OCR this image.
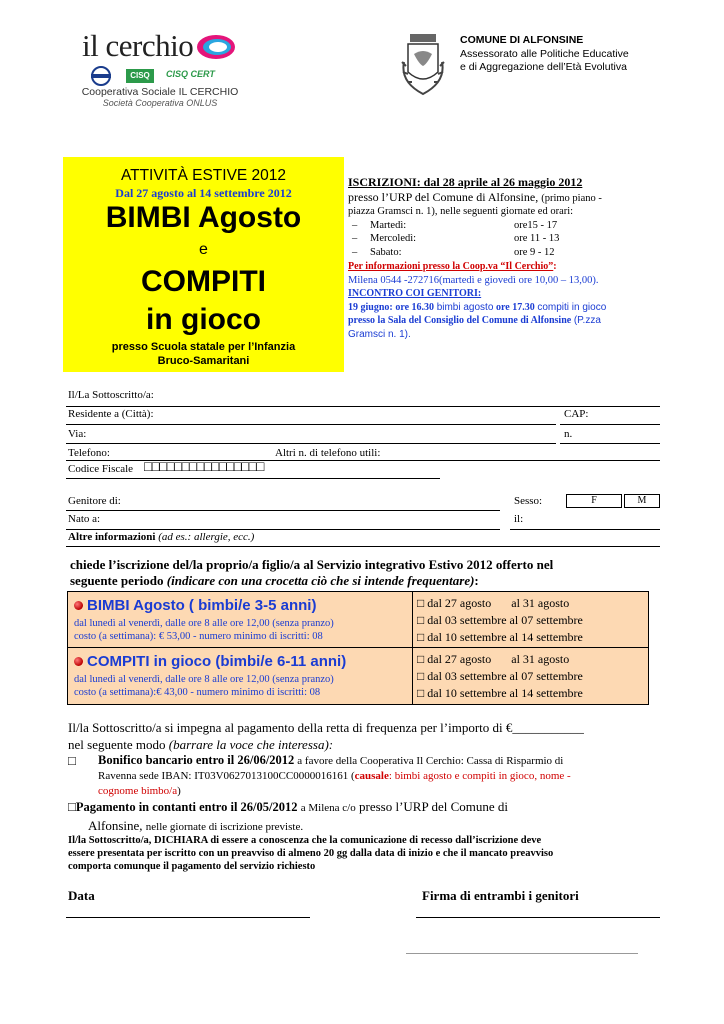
il cerchio
CISQ	CISQ CERT
Cooperativa Sociale IL CERCHIO
Società Cooperativa ONLUS
COMUNE DI ALFONSINE
Assessorato alle Politiche Educative
e di Aggregazione dell’Età Evolutiva
ATTIVITÀ ESTIVE 2012
Dal 27 agosto al 14 settembre 2012
BIMBI Agosto
e
COMPITI
in gioco
presso Scuola statale per l’Infanzia
Bruco-Samaritani
ISCRIZIONI: dal 28 aprile al 26 maggio 2012
presso l’URP del Comune di Alfonsine, (primo piano -
piazza Gramsci n. 1), nelle seguenti giornate ed orari:
– Martedì:	ore15 - 17
– Mercoledì:	ore 11 - 13
– Sabato:	ore 9 - 12
Per informazioni presso la Coop.va “Il Cerchio”:
Milena 0544 -272716(martedì e giovedì ore 10,00 – 13,00).
INCONTRO COI GENITORI:
19 giugno: ore 16.30 bimbi agosto ore 17.30 compiti in gioco
presso la Sala del Consiglio del Comune di Alfonsine (P.zza
Gramsci n. 1).
Il/La Sottoscritto/a:
Residente a (Città):	CAP:
Via:	n.
Telefono:	Altri n. di telefono utili:
Codice Fiscale □□□□□□□□□□□□□□□□
Genitore di:	Sesso:	F	M
Nato a:	il:
Altre informazioni (ad es.: allergie, ecc.)
chiede l’iscrizione del/la proprio/a figlio/a al Servizio integrativo Estivo 2012 offerto nel
seguente periodo (indicare con una crocetta ciò che si intende frequentare):
BIMBI Agosto ( bimbi/e 3-5 anni)
dal lunedì al venerdì, dalle ore 8 alle ore 12,00 (senza pranzo)
costo (a settimana): € 53,00 - numero minimo di iscritti: 08
□ dal 27 agosto al 31 agosto
□ dal 03 settembre al 07 settembre
□ dal 10 settembre al 14 settembre
COMPITI in gioco (bimbi/e 6-11 anni)
dal lunedì al venerdì, dalle ore 8 alle ore 12,00 (senza pranzo)
costo (a settimana):€ 43,00 - numero minimo di iscritti: 08
□ dal 27 agosto al 31 agosto
□ dal 03 settembre al 07 settembre
□ dal 10 settembre al 14 settembre
Il/la Sottoscritto/a si impegna al pagamento della retta di frequenza per l’importo di €___________
nel seguente modo (barrare la voce che interessa):
□ Bonifico bancario entro il 26/06/2012 a favore della Cooperativa Il Cerchio: Cassa di Risparmio di
Ravenna sede IBAN: IT03V0627013100CC0000016161 (causale: bimbi agosto e compiti in gioco, nome -
cognome bimbo/a)
□Pagamento in contanti entro il 26/05/2012 a Milena c/o presso l’URP del Comune di
Alfonsine, nelle giornate di iscrizione previste.
Il/la Sottoscritto/a, DICHIARA di essere a conoscenza che la comunicazione di recesso dall’iscrizione deve
essere presentata per iscritto con un preavviso di almeno 20 gg dalla data di inizio e che il mancato preavviso
comporta comunque il pagamento del servizio richiesto
Data	Firma di entrambi i genitori
